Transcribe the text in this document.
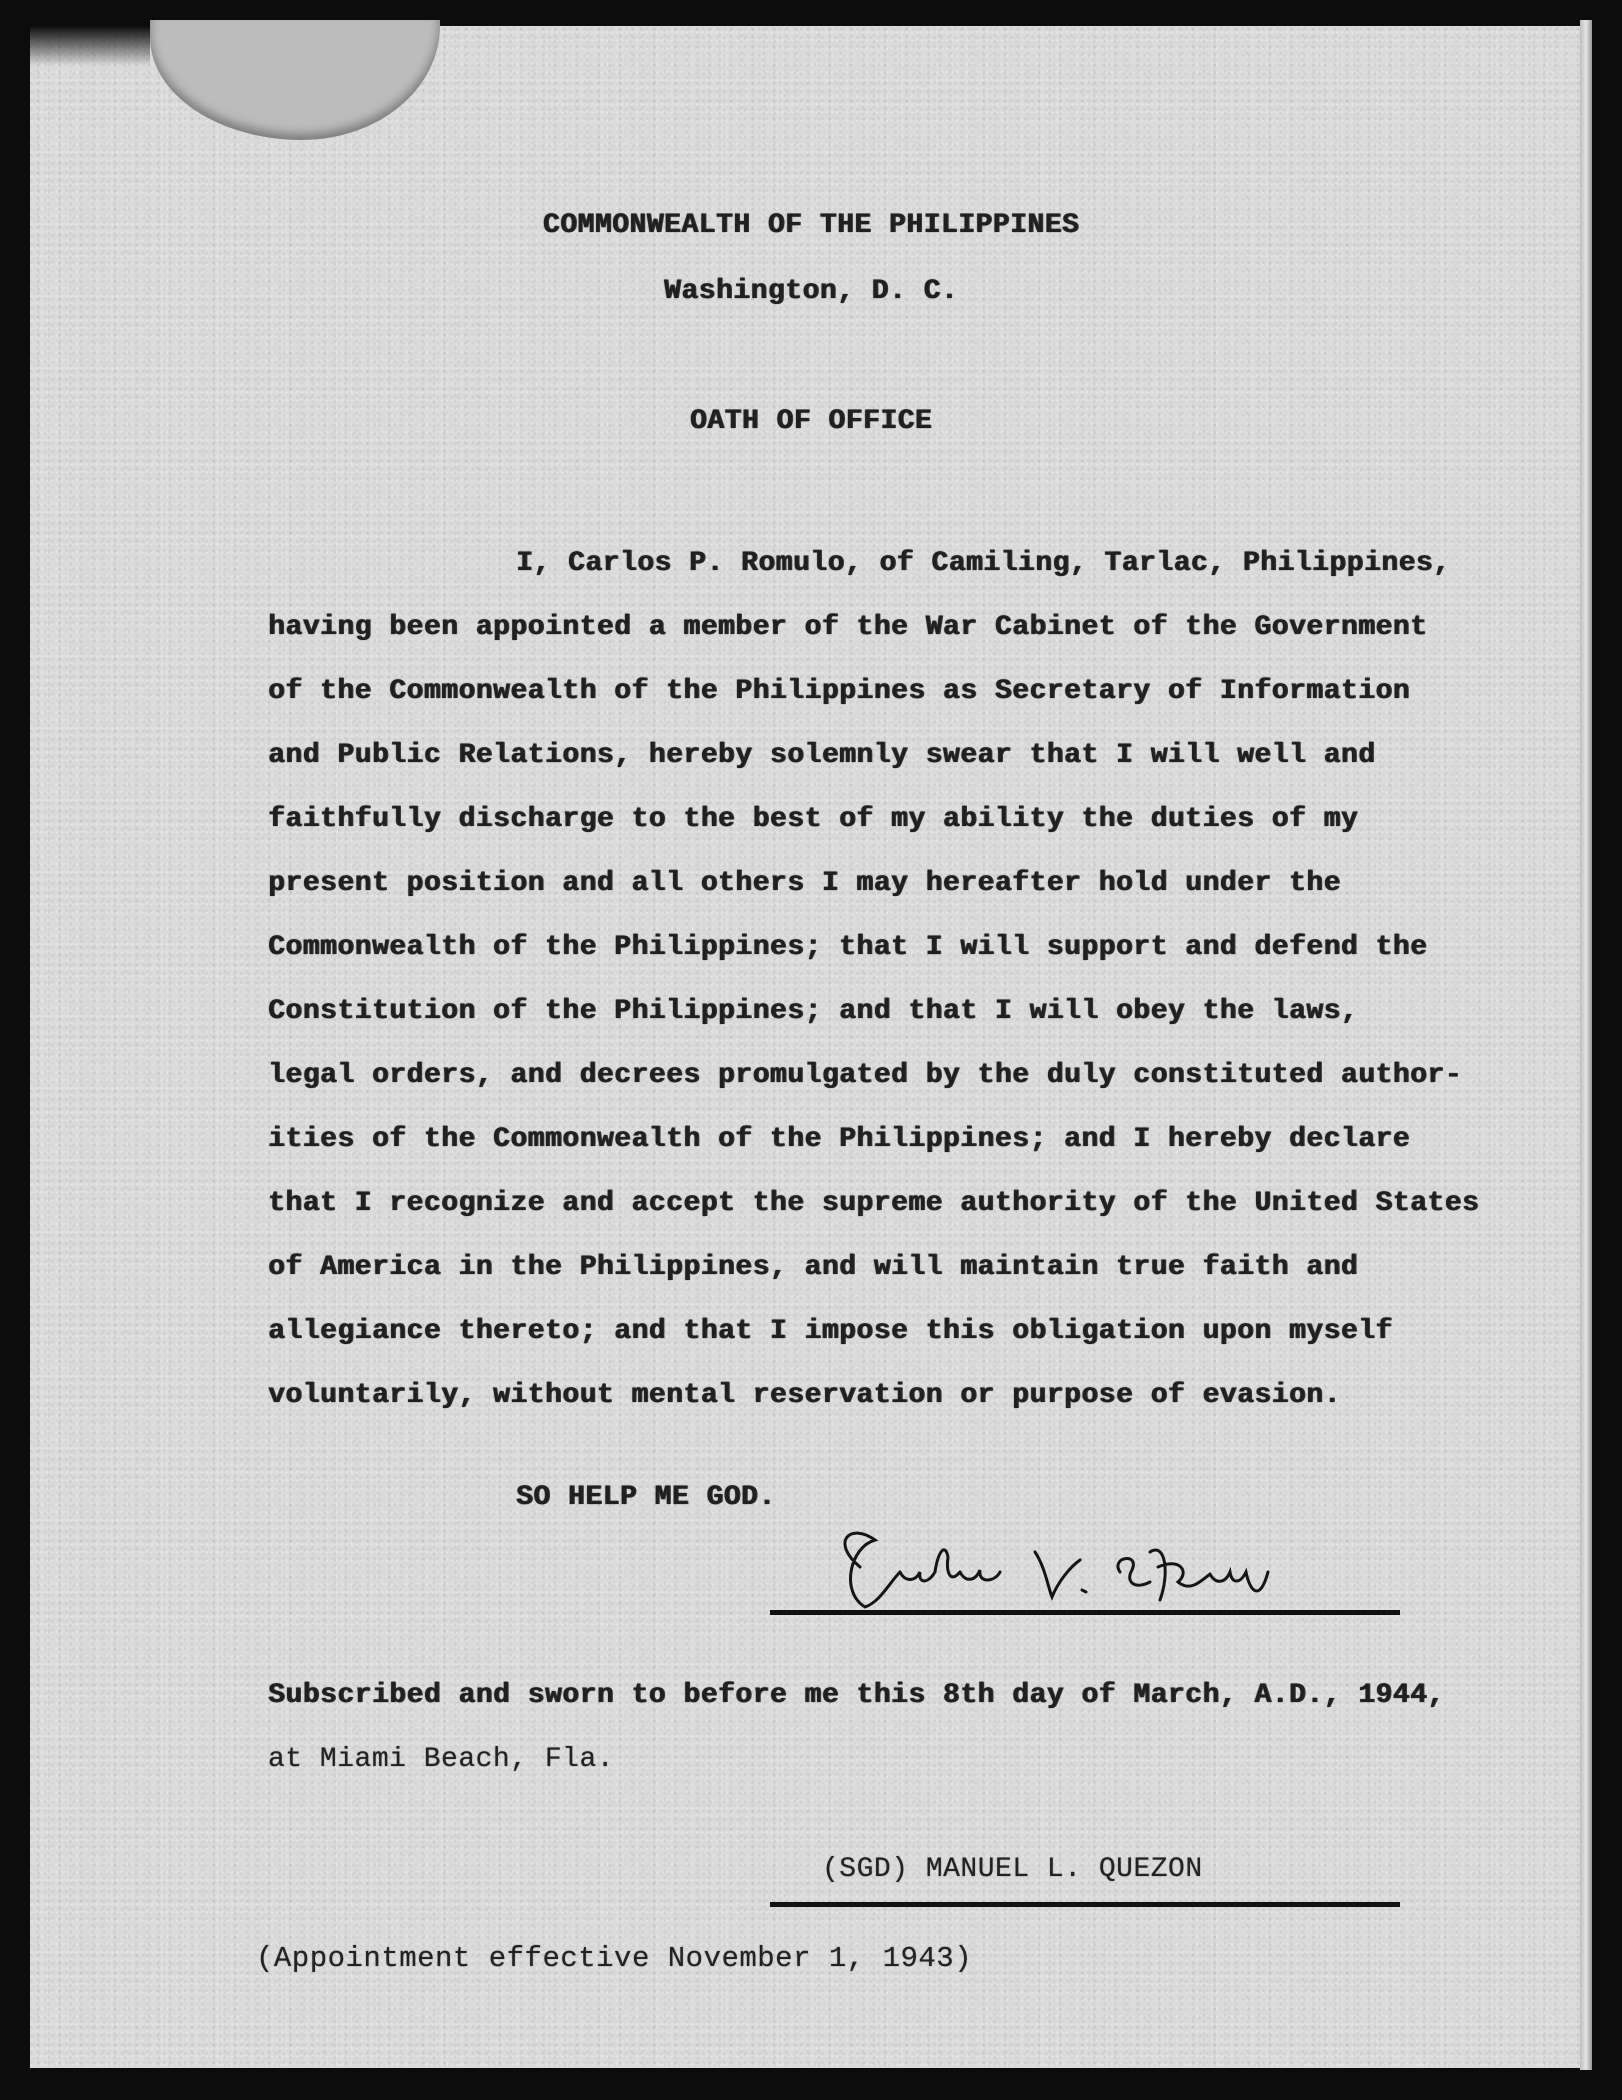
COMMONWEALTH OF THE PHILIPPINES
Washington, D. C.
OATH OF OFFICE
I, Carlos P. Romulo, of Camiling, Tarlac, Philippines,
having been appointed a member of the War Cabinet of the Government
of the Commonwealth of the Philippines as Secretary of Information
and Public Relations, hereby solemnly swear that I will well and
faithfully discharge to the best of my ability the duties of my
present position and all others I may hereafter hold under the
Commonwealth of the Philippines; that I will support and defend the
Constitution of the Philippines; and that I will obey the laws,
legal orders, and decrees promulgated by the duly constituted author-
ities of the Commonwealth of the Philippines; and I hereby declare
that I recognize and accept the supreme authority of the United States
of America in the Philippines, and will maintain true faith and
allegiance thereto; and that I impose this obligation upon myself
voluntarily, without mental reservation or purpose of evasion.
SO HELP ME GOD.
Subscribed and sworn to before me this 8th day of March, A.D., 1944,
at Miami Beach, Fla.
(SGD) MANUEL L. QUEZON
(Appointment effective November 1, 1943)
